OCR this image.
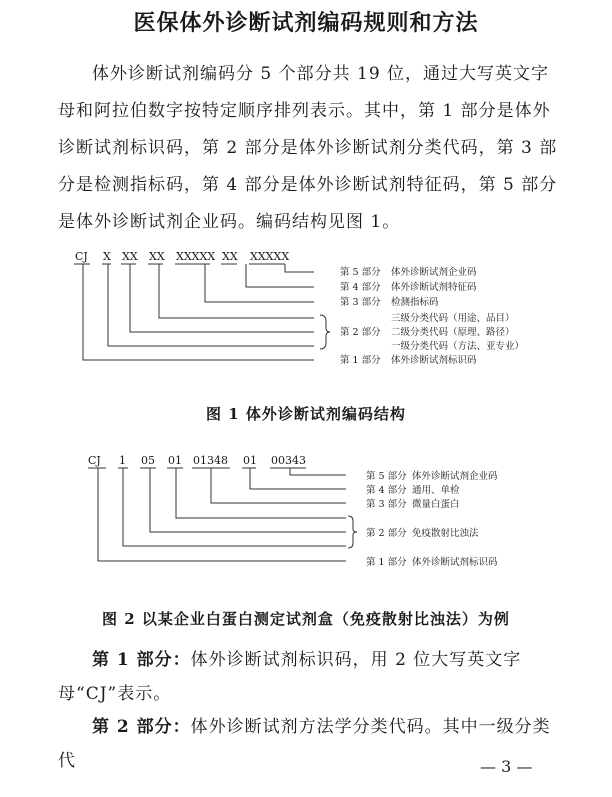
医保体外诊断试剂编码规则和方法

体外诊断试剂编码分 5 个部分共 19 位，通过大写英文字母和阿拉伯数字按特定顺序排列表示。其中，第 1 部分是体外诊断试剂标识码，第 2 部分是体外诊断试剂分类代码，第 3 部分是检测指标码，第 4 部分是体外诊断试剂特征码，第 5 部分是体外诊断试剂企业码。编码结构见图 1。

CJ X XX XX XXXXX XX XXXXX
第 5 部分 体外诊断试剂企业码
第 4 部分 体外诊断试剂特征码
第 3 部分 检测指标码
三级分类代码（用途、品目）
第 2 部分 二级分类代码（原理、路径）
一级分类代码（方法、亚专业）
第 1 部分 体外诊断试剂标识码
图 1 体外诊断试剂编码结构
CJ 1 05 01 01348 01 00343
第 5 部分 体外诊断试剂企业码
第 4 部分 通用、单检
第 3 部分 微量白蛋白
第 2 部分 免疫散射比浊法
第 1 部分 体外诊断试剂标识码
图 2 以某企业白蛋白测定试剂盒（免疫散射比浊法）为例

第 1 部分：体外诊断试剂标识码，用 2 位大写英文字母“CJ”表示。

第 2 部分：体外诊断试剂方法学分类代码。其中一级分类代	— 3 —
